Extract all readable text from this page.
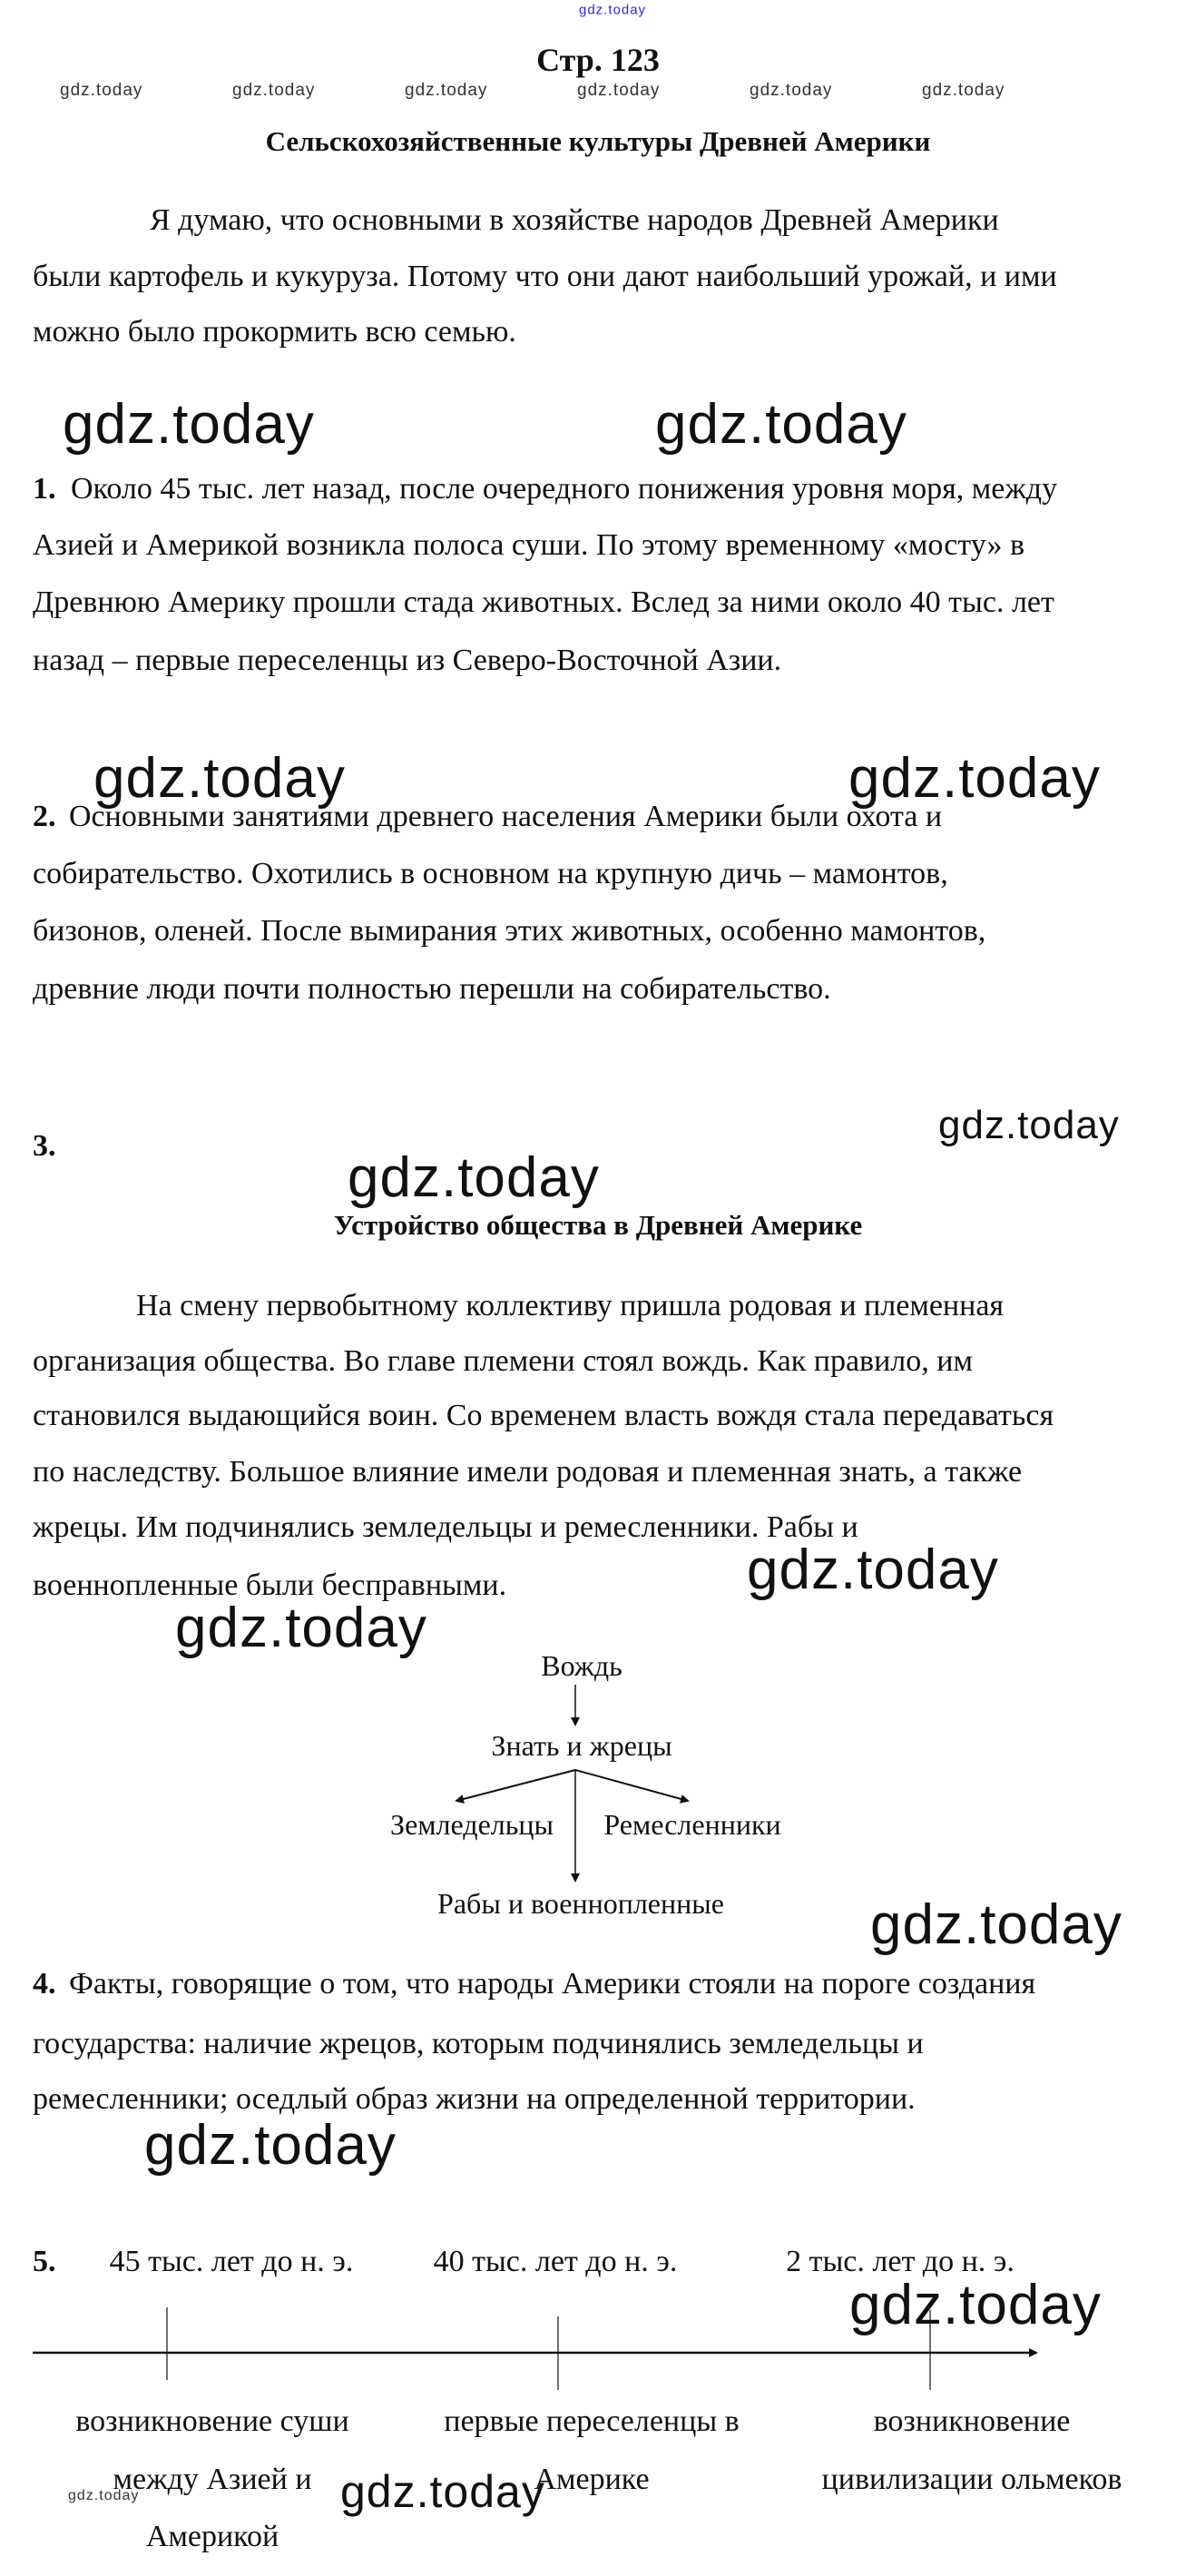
gdz.today
gdz.today	gdz.today	gdz.today	gdz.today	gdz.today	gdz.today
Стр. 123
Сельскохозяйственные культуры Древней Америки
Я думаю, что основными в хозяйстве народов Древней Америки
были картофель и кукуруза. Потому что они дают наибольший урожай, и ими
можно было прокормить всю семью.
gdz.today	gdz.today
1. Около 45 тыс. лет назад, после очередного понижения уровня моря, между
Азией и Америкой возникла полоса суши. По этому временному «мосту» в
Древнюю Америку прошли стада животных. Вслед за ними около 40 тыс. лет
назад – первые переселенцы из Северо-Восточной Азии.
gdz.today	gdz.today
2. Основными занятиями древнего населения Америки были охота и
собирательство. Охотились в основном на крупную дичь – мамонтов,
бизонов, оленей. После вымирания этих животных, особенно мамонтов,
древние люди почти полностью перешли на собирательство.
gdz.today
3.
gdz.today
Устройство общества в Древней Америке
На смену первобытному коллективу пришла родовая и племенная
организация общества. Во главе племени стоял вождь. Как правило, им
становился выдающийся воин. Со временем власть вождя стала передаваться
по наследству. Большое влияние имели родовая и племенная знать, а также
жрецы. Им подчинялись земледельцы и ремесленники. Рабы и
военнопленные были бесправными.	gdz.today
gdz.today
Вождь
Знать и жрецы
Земледельцы Ремесленники
Рабы и военнопленные	gdz.today
4. Факты, говорящие о том, что народы Америки стояли на пороге создания
государства: наличие жрецов, которым подчинялись земледельцы и
ремесленники; оседлый образ жизни на определенной территории.
gdz.today
5. 45 тыс. лет до н. э.	40 тыс. лет до н. э.	2 тыс. лет до н. э.
gdz.today
возникновение суши
между Азией и
Америкой
первые переселенцы в
Америке
возникновение
цивилизации ольмеков
gdz.today	gdz.today
